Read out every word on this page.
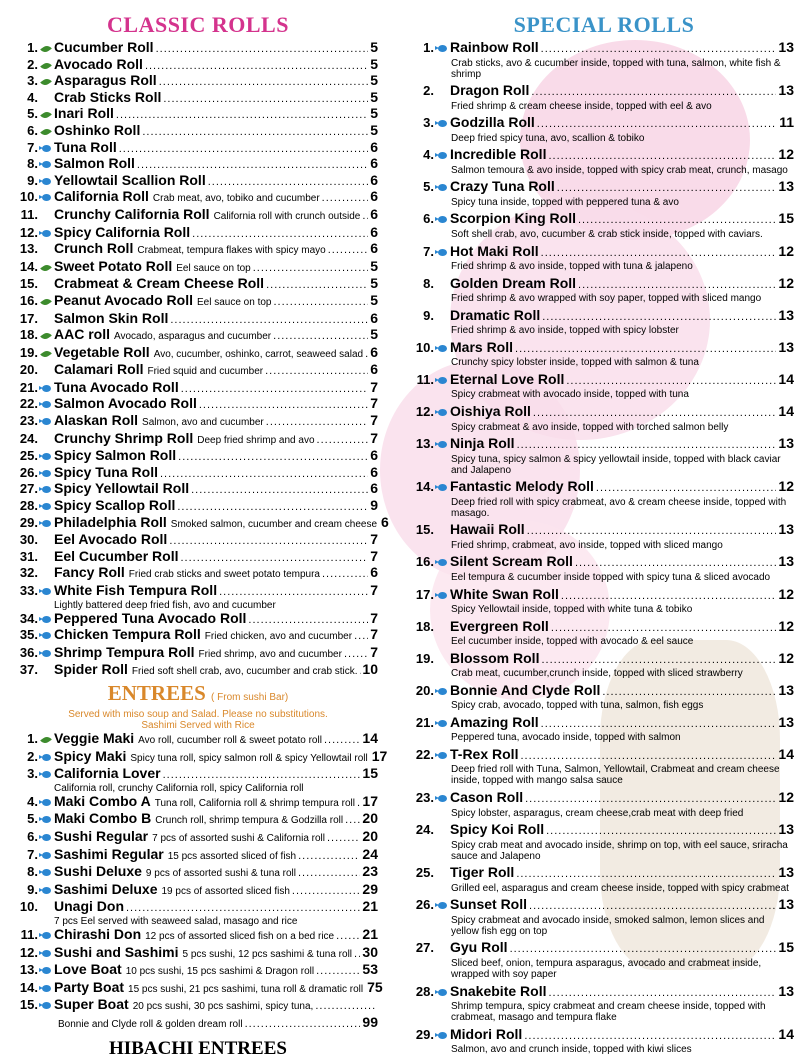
CLASSIC ROLLS
1. Cucumber Roll .....	5
2. Avocado Roll .....	5
3. Asparagus Roll .....	5
4. Crab Sticks Roll .....	5
5. Inari Roll .....	5
6. Oshinko Roll .....	5
7. Tuna Roll .....	6
8. Salmon Roll .....	6
9. Yellowtail Scallion Roll .....	6
10. California Roll Crab meat, avo, tobiko and cucumber .....	6
11. Crunchy California Roll California roll with crunch outside ..... 6
12. Spicy California Roll .....	6
13. Crunch Roll Crabmeat, tempura flakes with spicy mayo .....	6
14. Sweet Potato Roll Eel sauce on top .....	5
15. Crabmeat & Cream Cheese Roll .....	5
16. Peanut Avocado Roll Eel sauce on top .....	5
17. Salmon Skin Roll .....	6
18. AAC roll Avocado, asparagus and cucumber .....	5
19. Vegetable Roll Avo, cucumber, oshinko, carrot, seaweed salad ..... 6
20. Calamari Roll Fried squid and cucumber .....	6
21. Tuna Avocado Roll .....	7
22. Salmon Avocado Roll .....	7
23. Alaskan Roll Salmon, avo and cucumber .....	7
24. Crunchy Shrimp Roll Deep fried shrimp and avo .....	7
25. Spicy Salmon Roll .....	6
26. Spicy Tuna Roll .....	6
27. Spicy Yellowtail Roll .....	6
28. Spicy Scallop Roll .....	9
29. Philadelphia Roll Smoked salmon, cucumber and cream cheese 6
30. Eel Avocado Roll .....	7
31. Eel Cucumber Roll .....	7
32. Fancy Roll Fried crab sticks and sweet potato tempura .....	6
33. White Fish Tempura Roll .....	7
Lightly battered deep fried fish, avo and cucumber
34. Peppered Tuna Avocado Roll .....	7
35. Chicken Tempura Roll Fried chicken, avo and cucumber ..... 7
36. Shrimp Tempura Roll Fried shrimp, avo and cucumber ..... 7
37. Spider Roll Fried soft shell crab, avo, cucumber and crab stick. ..... 10
ENTREES ( From sushi Bar)
Served with miso soup and Salad. Please no substitutions.
Sashimi Served with Rice
1. Veggie Maki Avo roll, cucumber roll & sweet potato roll .....	14
2. Spicy Maki Spicy tuna roll, spicy salmon roll & spicy Yellowtail roll 17
3. California Lover .....	15
California roll, crunchy California roll, spicy California roll
4. Maki Combo A Tuna roll, California roll & shrimp tempura roll ..... 17
5. Maki Combo B Crunch roll, shrimp tempura & Godzilla roll ..... 20
6. Sushi Regular 7 pcs of assorted sushi & California roll .....	20
7. Sashimi Regular 15 pcs assorted sliced of fish .....	24
8. Sushi Deluxe 9 pcs of assorted sushi & tuna roll .....	23
9. Sashimi Deluxe 19 pcs of assorted sliced fish .....	29
10. Unagi Don .....	21
7 pcs Eel served with seaweed salad, masago and rice
11. Chirashi Don 12 pcs of assorted sliced fish on a bed rice ..... 21
12. Sushi and Sashimi 5 pcs sushi, 12 pcs sashimi & tuna roll ..... 30
13. Love Boat 10 pcs sushi, 15 pcs sashimi & Dragon roll .....	53
14. Party Boat 15 pcs sushi, 21 pcs sashimi, tuna roll & dramatic roll 75
15. Super Boat 20 pcs sushi, 30 pcs sashimi, spicy tuna,
.....
Bonnie and Clyde roll & golden dream roll .....	99
HIBACHI ENTREES
SPECIAL ROLLS
1. Rainbow Roll .....	13
Crab sticks, avo & cucumber inside, topped with tuna, salmon, white fish & shrimp
2. Dragon Roll .....	13
Fried shrimp & cream cheese inside, topped with eel & avo
3. Godzilla Roll .....	11
Deep fried spicy tuna, avo, scallion & tobiko
4. Incredible Roll .....	12
Salmon temoura & avo inside, topped with spicy crab meat, crunch, masago
5. Crazy Tuna Roll .....	13
Spicy tuna inside, topped with peppered tuna & avo
6. Scorpion King Roll .....	15
Soft shell crab, avo, cucumber & crab stick inside, topped with caviars.
7. Hot Maki Roll .....	12
Fried shrimp & avo inside, topped with tuna & jalapeno
8. Golden Dream Roll .....	12
Fried shrimp & avo wrapped with soy paper, topped with sliced mango
9. Dramatic Roll .....	13
Fried shrimp & avo inside, topped with spicy lobster
10. Mars Roll .....	13
Crunchy spicy lobster inside, topped with salmon & tuna
11. Eternal Love Roll .....	14
Spicy crabmeat with avocado inside, topped with tuna
12. Oishiya Roll .....	14
Spicy crabmeat & avo inside, topped with torched salmon belly
13. Ninja Roll .....	13
Spicy tuna, spicy salmon & spicy yellowtail inside, topped with black caviar and Jalapeno
14. Fantastic Melody Roll .....	12
Deep fried roll with spicy crabmeat, avo & cream cheese inside, topped with masago.
15. Hawaii Roll .....	13
Fried shrimp, crabmeat, avo inside, topped with sliced mango
16. Silent Scream Roll .....	13
Eel tempura & cucumber inside topped with spicy tuna & sliced avocado
17. White Swan Roll .....	12
Spicy Yellowtail inside, topped with white tuna & tobiko
18. Evergreen Roll .....	12
Eel cucumber inside, topped with avocado & eel sauce
19. Blossom Roll .....	12
Crab meat, cucumber,crunch inside, topped with sliced strawberry
20. Bonnie And Clyde Roll .....	13
Spicy crab, avocado, topped with tuna, salmon, fish eggs
21. Amazing Roll .....	13
Peppered tuna, avocado inside, topped with salmon
22. T-Rex Roll .....	14
Deep fried roll with Tuna, Salmon, Yellowtail, Crabmeat and cream cheese inside, topped with mango salsa sauce
23. Cason Roll .....	12
Spicy lobster, asparagus, cream cheese,crab meat with deep fried
24. Spicy Koi Roll .....	13
Spicy crab meat and avocado inside, shrimp on top, with eel sauce, sriracha sauce and Jalapeno
25. Tiger Roll .....	13
Grilled eel, asparagus and cream cheese inside, topped with spicy crabmeat
26. Sunset Roll .....	13
Spicy crabmeat and avocado inside, smoked salmon, lemon slices and yellow fish egg on top
27. Gyu Roll .....	15
Sliced beef, onion, tempura asparagus, avocado and crabmeat inside, wrapped with soy paper
28. Snakebite Roll .....	13
Shrimp tempura, spicy crabmeat and cream cheese inside, topped with crabmeat, masago and tempura flake
29. Midori Roll .....	14
Salmon, avo and crunch inside, topped with kiwi slices
